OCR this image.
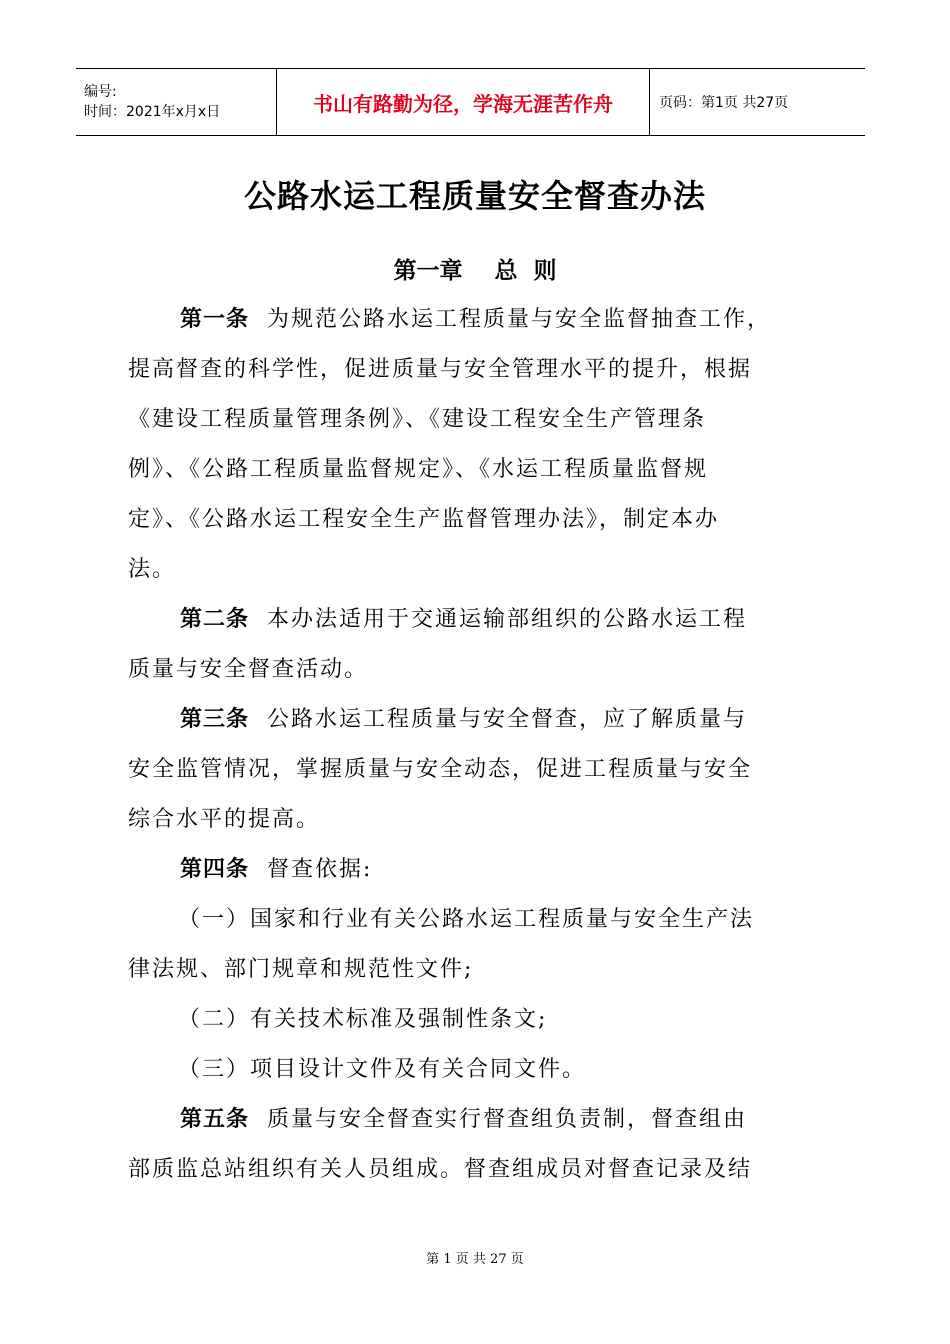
编号:
时间：2021年x月x日	书山有路勤为径，学海无涯苦作舟	页码：第1页 共27页
公路水运工程质量安全督查办法
第一章    总  则
第一条  为规范公路水运工程质量与安全监督抽查工作，
提高督查的科学性，促进质量与安全管理水平的提升，根据
《建设工程质量管理条例》、《建设工程安全生产管理条
例》、《公路工程质量监督规定》、《水运工程质量监督规
定》、《公路水运工程安全生产监督管理办法》，制定本办
法。
第二条  本办法适用于交通运输部组织的公路水运工程
质量与安全督查活动。
第三条  公路水运工程质量与安全督查，应了解质量与
安全监管情况，掌握质量与安全动态，促进工程质量与安全
综合水平的提高。
第四条  督查依据:
（一）国家和行业有关公路水运工程质量与安全生产法
律法规、部门规章和规范性文件;
（二）有关技术标准及强制性条文;
（三）项目设计文件及有关合同文件。
第五条  质量与安全督查实行督查组负责制，督查组由
部质监总站组织有关人员组成。督查组成员对督查记录及结
第 1 页 共 27 页
